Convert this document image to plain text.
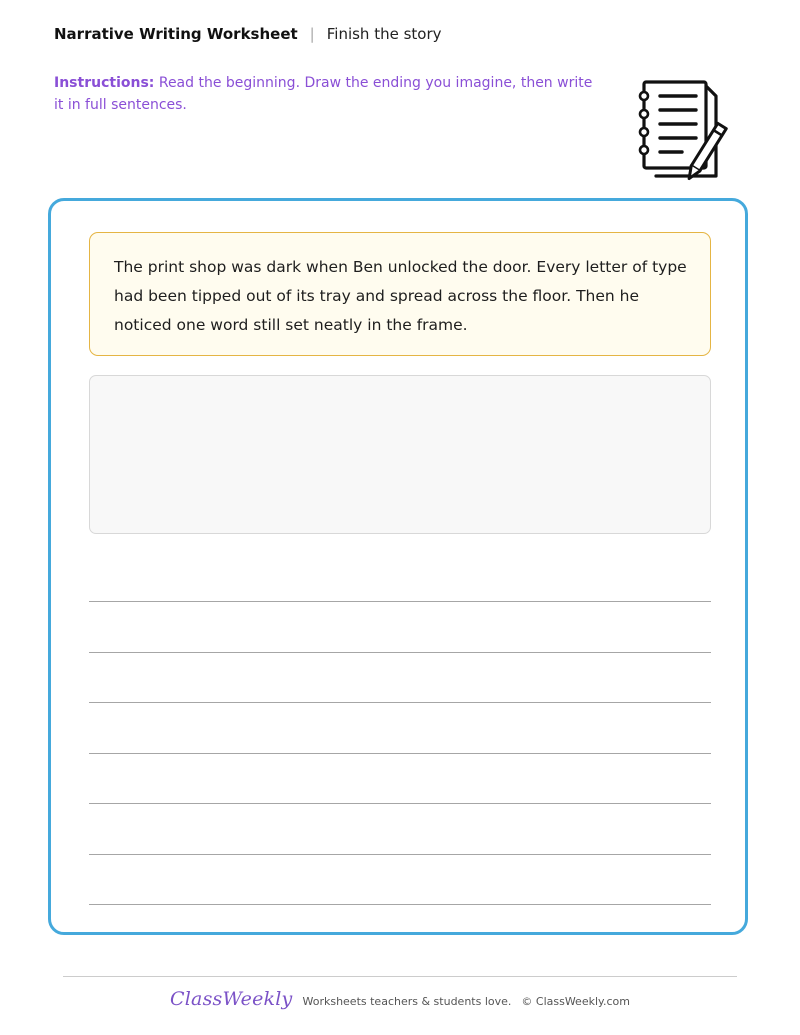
Narrative Writing Worksheet | Finish the story
Instructions: Read the beginning. Draw the ending you imagine, then write it in full sentences.
The print shop was dark when Ben unlocked the door. Every letter of type had been tipped out of its tray and spread across the floor. Then he noticed one word still set neatly in the frame.
ClassWeekly Worksheets teachers & students love. © ClassWeekly.com
